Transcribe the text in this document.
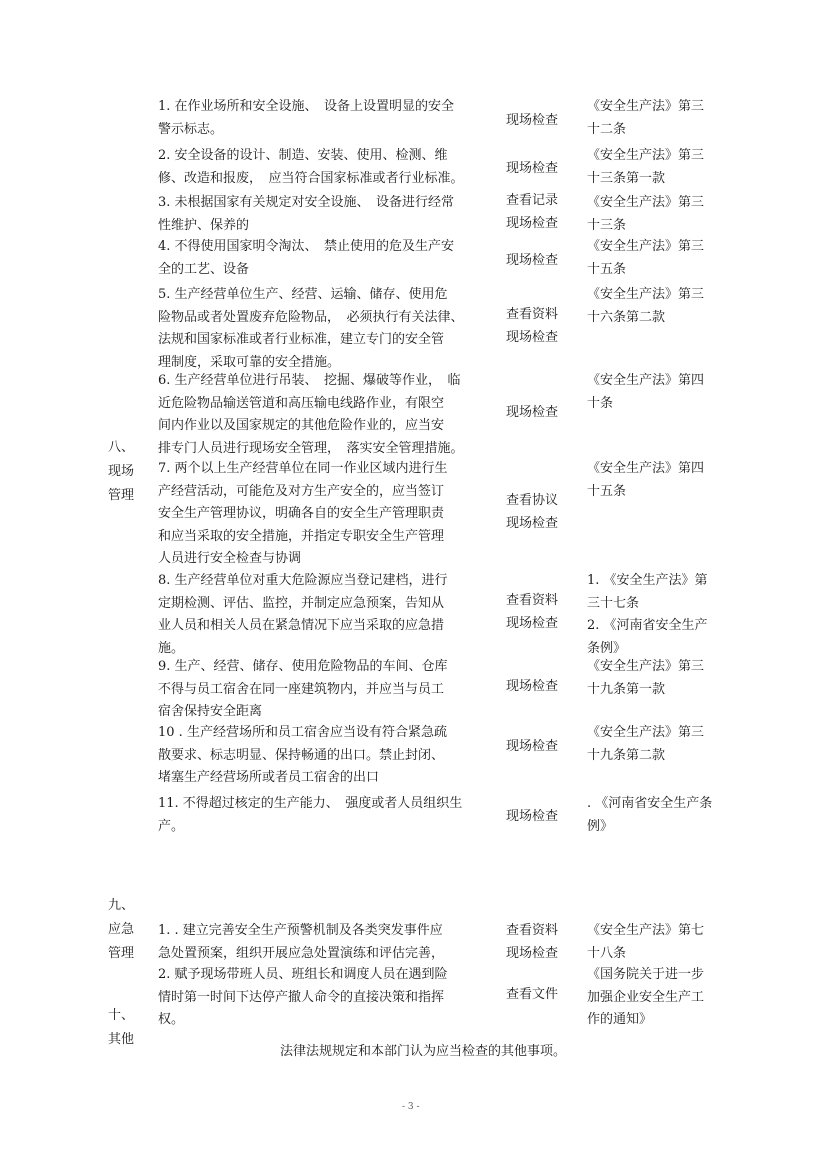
1. 在作业场所和安全设施、　设备上设置明显的安全
警示标志。
现场检查
《安全生产法》第三
十二条
2. 安全设备的设计、制造、安装、使用、检测、维
修、改造和报废，　应当符合国家标准或者行业标准。
现场检查
《安全生产法》第三
十三条第一款
3. 未根据国家有关规定对安全设施、　设备进行经常
性维护、保养的
查看记录
现场检查
《安全生产法》第三
十三条
4. 不得使用国家明令淘汰、　禁止使用的危及生产安
全的工艺、设备
现场检查
《安全生产法》第三
十五条
5. 生产经营单位生产、经营、运输、储存、使用危
险物品或者处置废弃危险物品，　必须执行有关法律、
法规和国家标准或者行业标准，建立专门的安全管
理制度，采取可靠的安全措施。
查看资料
现场检查
《安全生产法》第三
十六条第二款
6. 生产经营单位进行吊装、　挖掘、爆破等作业，　临
近危险物品输送管道和高压输电线路作业，有限空
间内作业以及国家规定的其他危险作业的，应当安
排专门人员进行现场安全管理，　落实安全管理措施。
现场检查
《安全生产法》第四
十条
八、
现场
管理
7. 两个以上生产经营单位在同一作业区域内进行生
产经营活动，可能危及对方生产安全的，应当签订
安全生产管理协议，明确各自的安全生产管理职责
和应当采取的安全措施，并指定专职安全生产管理
人员进行安全检查与协调
查看协议
现场检查
《安全生产法》第四
十五条
8. 生产经营单位对重大危险源应当登记建档，进行
定期检测、评估、监控，并制定应急预案，告知从
业人员和相关人员在紧急情况下应当采取的应急措
施。
查看资料
现场检查
1. 《安全生产法》第
三十七条
2. 《河南省安全生产
条例》
9. 生产、经营、储存、使用危险物品的车间、仓库
不得与员工宿舍在同一座建筑物内，并应当与员工
宿舍保持安全距离
现场检查
《安全生产法》第三
十九条第一款
10 . 生产经营场所和员工宿舍应当设有符合紧急疏
散要求、标志明显、保持畅通的出口。禁止封闭、
堵塞生产经营场所或者员工宿舍的出口
现场检查
《安全生产法》第三
十九条第二款
11. 不得超过核定的生产能力、　强度或者人员组织生
产。
现场检查
. 《河南省安全生产条
例》
九、
应急
管理
1. . 建立完善安全生产预警机制及各类突发事件应
急处置预案，组织开展应急处置演练和评估完善，
查看资料
现场检查
《安全生产法》第七
十八条
2. 赋予现场带班人员、班组长和调度人员在遇到险
情时第一时间下达停产撤人命令的直接决策和指挥
权。
查看文件
《国务院关于进一步
加强企业安全生产工
作的通知》
十、
其他
法律法规规定和本部门认为应当检查的其他事项。
- 3 -
